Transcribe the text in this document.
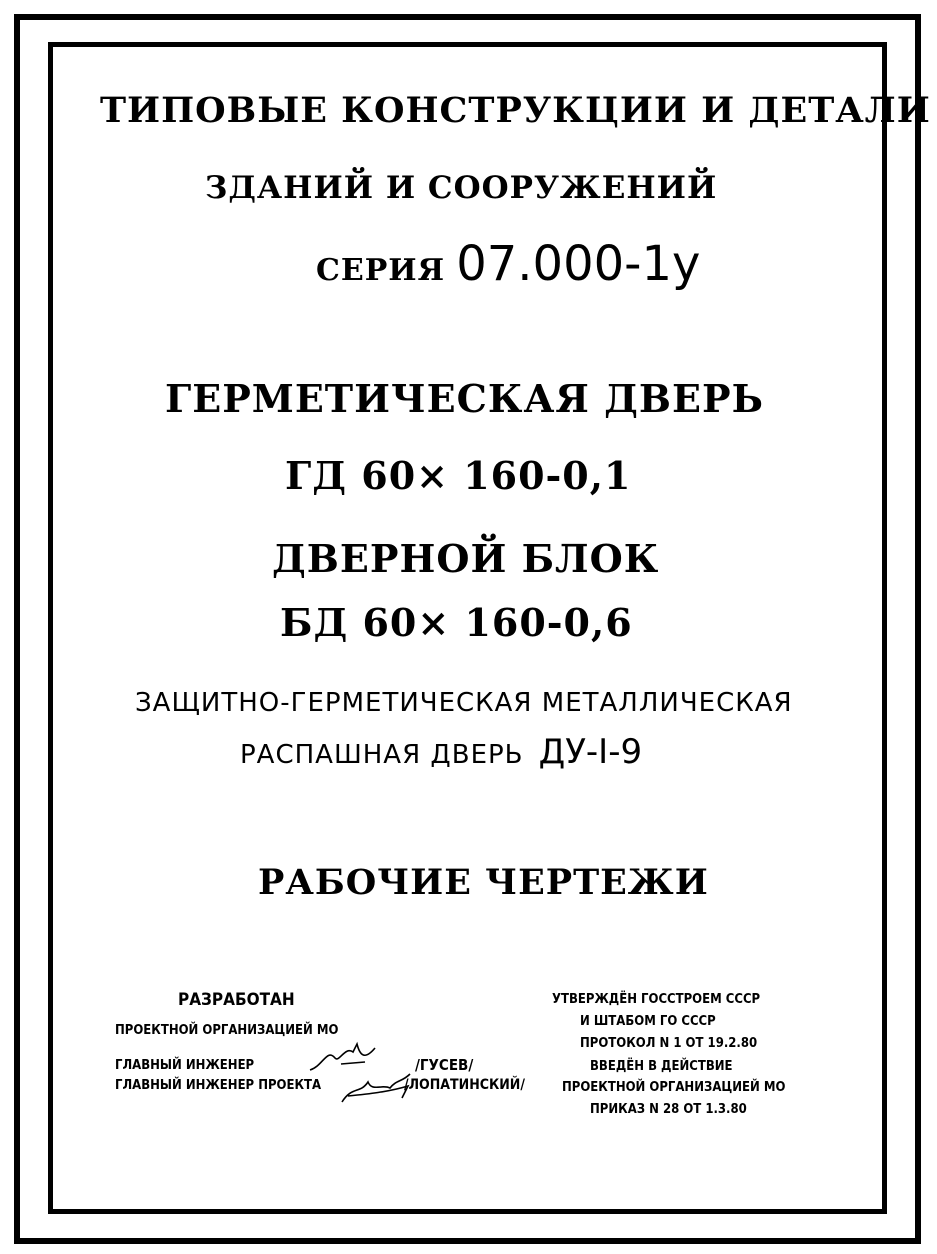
ТИПОВЫЕ КОНСТРУКЦИИ И ДЕТАЛИ
ЗДАНИЙ И СООРУЖЕНИЙ
СЕРИЯ 07.000-1у
ГЕРМЕТИЧЕСКАЯ ДВЕРЬ
ГД 60× 160-0,1
ДВЕРНОЙ БЛОК
БД 60× 160-0,6
ЗАЩИТНО-ГЕРМЕТИЧЕСКАЯ МЕТАЛЛИЧЕСКАЯ
РАСПАШНАЯ ДВЕРЬ ДУ-I-9
РАБОЧИЕ ЧЕРТЕЖИ
РАЗРАБОТАН
ПРОЕКТНОЙ ОРГАНИЗАЦИЕЙ МО
ГЛАВНЫЙ ИНЖЕНЕР	/ГУСЕВ/
ГЛАВНЫЙ ИНЖЕНЕР ПРОЕКТА	/ЛОПАТИНСКИЙ/
УТВЕРЖДЁН ГОССТРОЕМ СССР
И ШТАБОМ ГО СССР
ПРОТОКОЛ N 1 ОТ 19.2.80
ВВЕДЁН В ДЕЙСТВИЕ
ПРОЕКТНОЙ ОРГАНИЗАЦИЕЙ МО
ПРИКАЗ N 28 ОТ 1.3.80
